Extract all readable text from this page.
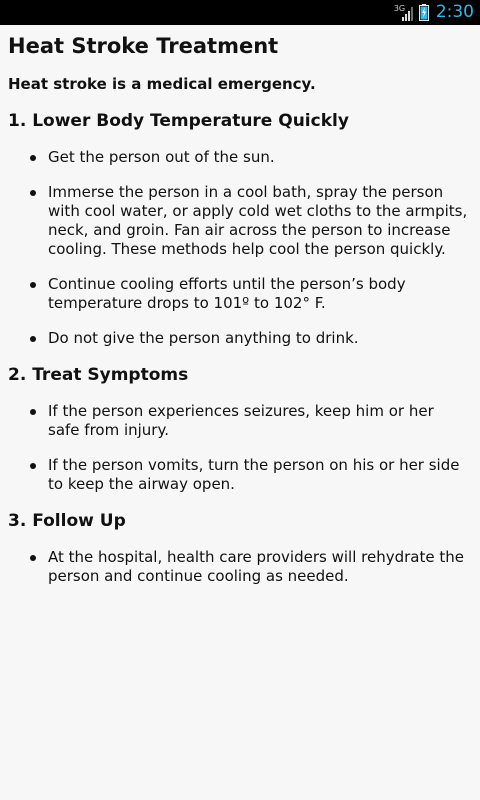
3G 2:30
Heat Stroke Treatment

Heat stroke is a medical emergency.

1. Lower Body Temperature Quickly
Get the person out of the sun.
Immerse the person in a cool bath, spray the person with cool water, or apply cold wet cloths to the armpits, neck, and groin. Fan air across the person to increase cooling. These methods help cool the person quickly.
Continue cooling efforts until the person’s body temperature drops to 101º to 102° F.
Do not give the person anything to drink.
2. Treat Symptoms
If the person experiences seizures, keep him or her safe from injury.
If the person vomits, turn the person on his or her side to keep the airway open.
3. Follow Up
At the hospital, health care providers will rehydrate the person and continue cooling as needed.
